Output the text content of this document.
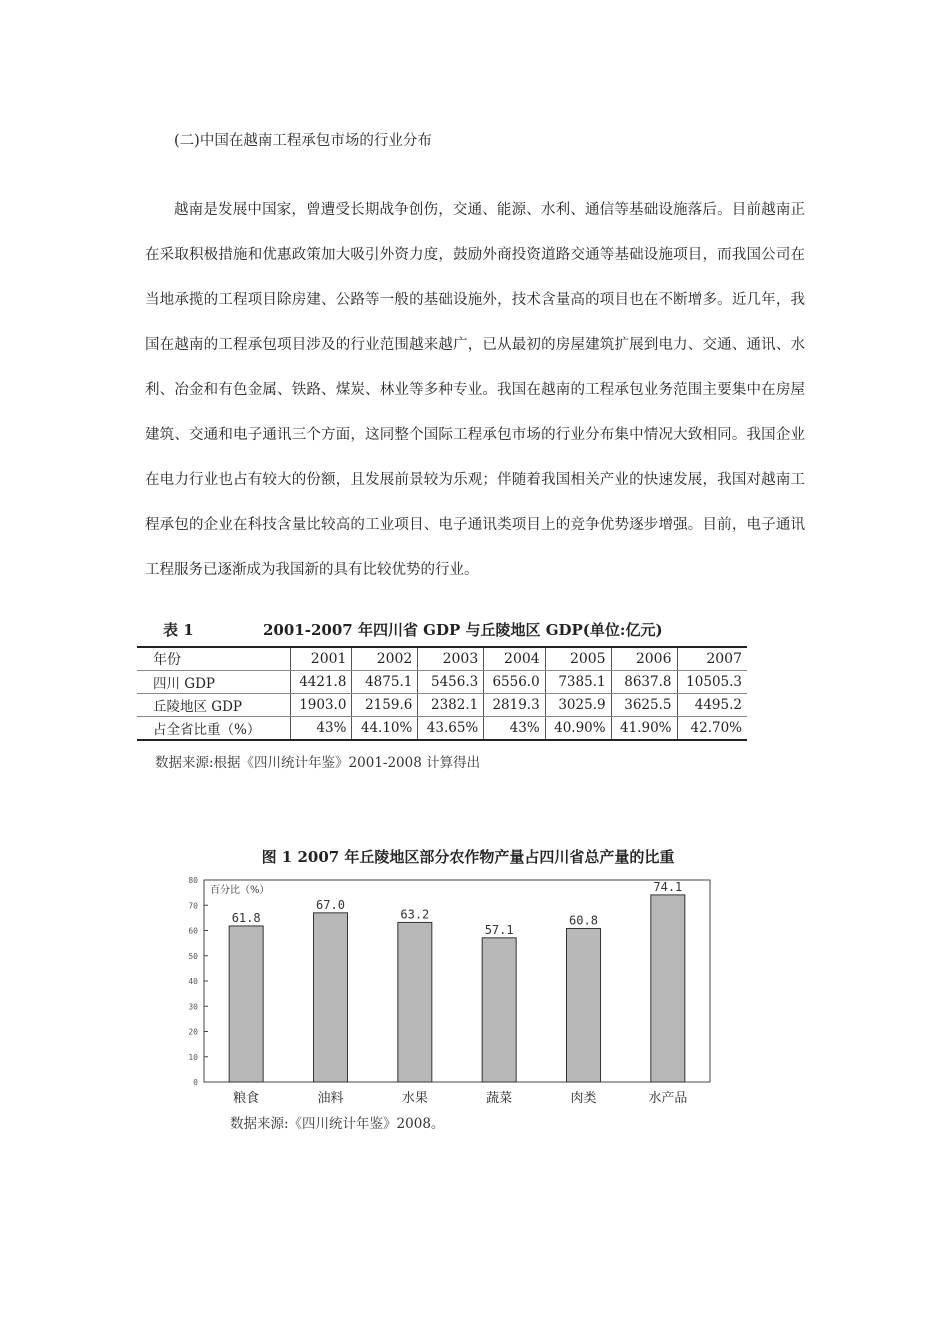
(二)中国在越南工程承包市场的行业分布

越南是发展中国家，曾遭受长期战争创伤，交通、能源、水利、通信等基础设施落后。目前越南正在采取积极措施和优惠政策加大吸引外资力度，鼓励外商投资道路交通等基础设施项目，而我国公司在当地承揽的工程项目除房建、公路等一般的基础设施外，技术含量高的项目也在不断增多。近几年，我国在越南的工程承包项目涉及的行业范围越来越广，已从最初的房屋建筑扩展到电力、交通、通讯、水利、冶金和有色金属、铁路、煤炭、林业等多种专业。我国在越南的工程承包业务范围主要集中在房屋建筑、交通和电子通讯三个方面，这同整个国际工程承包市场的行业分布集中情况大致相同。我国企业在电力行业也占有较大的份额，且发展前景较为乐观；伴随着我国相关产业的快速发展，我国对越南工程承包的企业在科技含量比较高的工业项目、电子通讯类项目上的竞争优势逐步增强。目前，电子通讯工程服务已逐渐成为我国新的具有比较优势的行业。

表 1	2001-2007 年四川省 GDP 与丘陵地区 GDP(单位:亿元)
年份	2001	2002	2003	2004	2005	2006	2007
四川 GDP	4421.8	4875.1	5456.3	6556.0	7385.1	8637.8	10505.3
丘陵地区 GDP	1903.0	2159.6	2382.1	2819.3	3025.9	3625.5	4495.2
占全省比重（%）	43%	44.10%	43.65%	43%	40.90%	41.90%	42.70%
数据来源:根据《四川统计年鉴》2001-2008 计算得出
图 1 2007 年丘陵地区部分农作物产量占四川省总产量的比重
0
10
20
30
40
50
60
70
80
百分比（%）
61.8
粮食
67.0
油料
63.2
水果
57.1
蔬菜
60.8
肉类
74.1
水产品
数据来源:《四川统计年鉴》2008。
